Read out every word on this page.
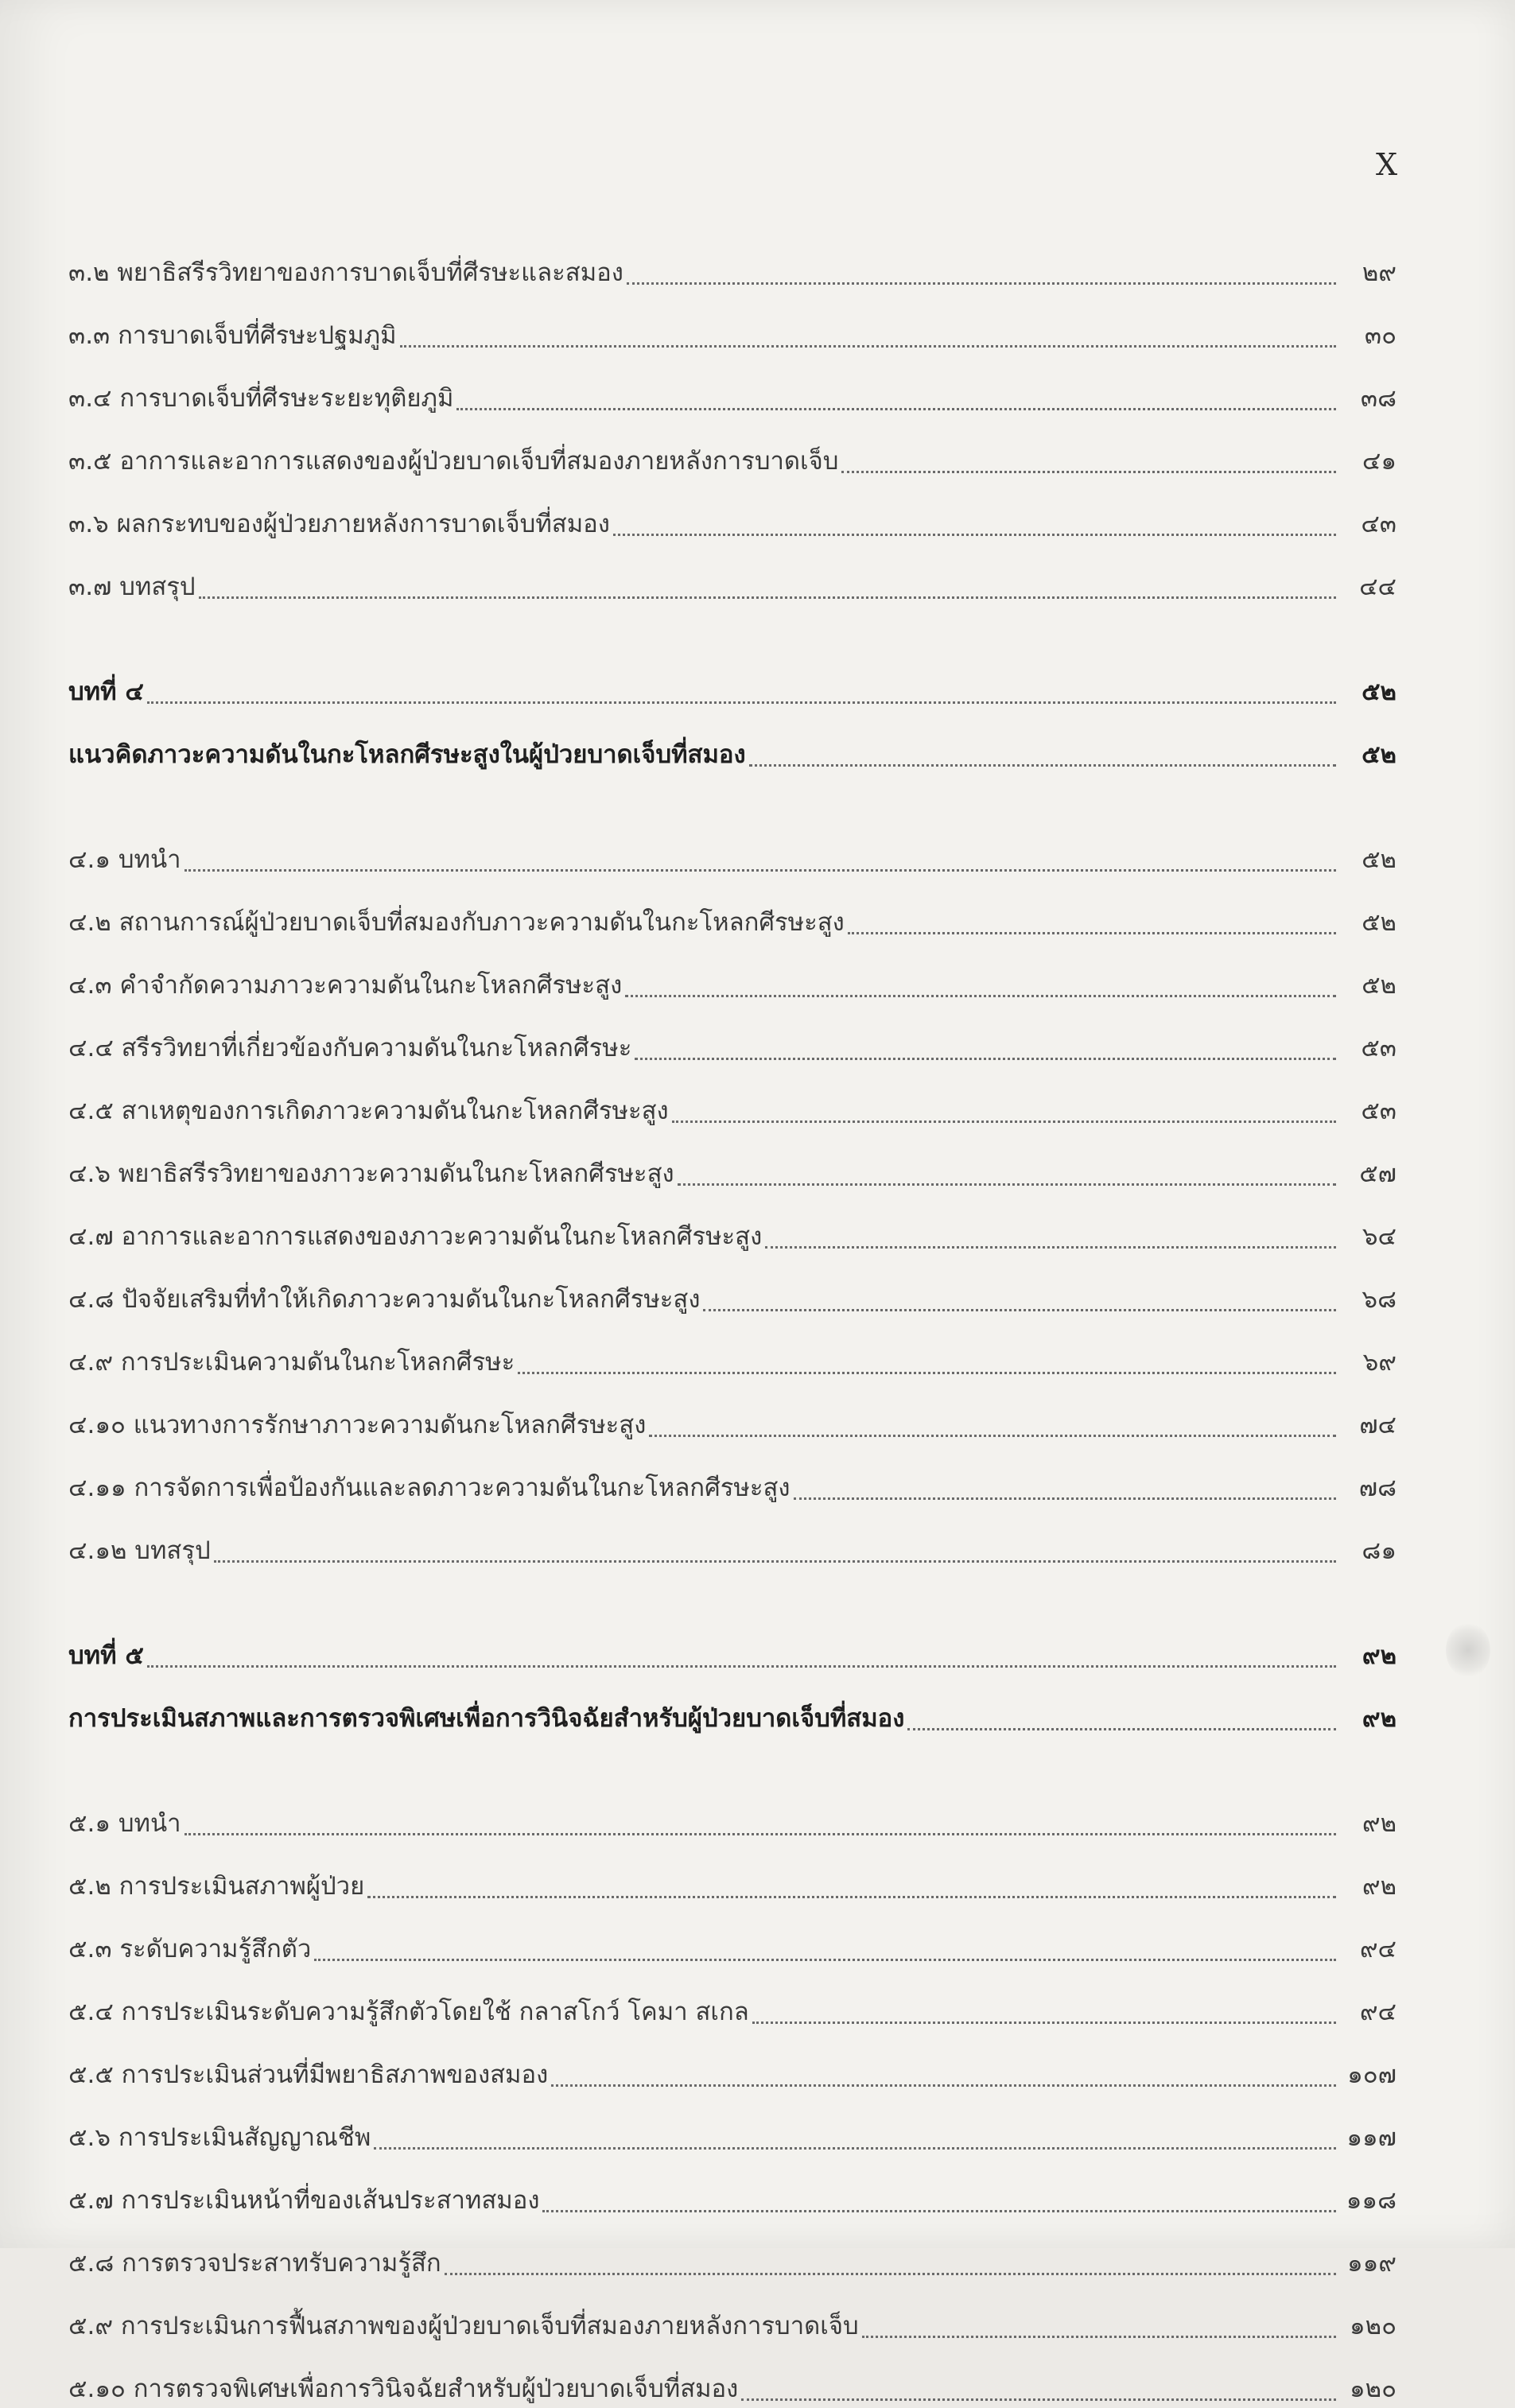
X
๓.๒ พยาธิสรีรวิทยาของการบาดเจ็บที่ศีรษะและสมอง	๒๙
๓.๓ การบาดเจ็บที่ศีรษะปฐมภูมิ	๓๐
๓.๔ การบาดเจ็บที่ศีรษะระยะทุติยภูมิ	๓๘
๓.๕ อาการและอาการแสดงของผู้ป่วยบาดเจ็บที่สมองภายหลังการบาดเจ็บ	๔๑
๓.๖ ผลกระทบของผู้ป่วยภายหลังการบาดเจ็บที่สมอง	๔๓
๓.๗ บทสรุป	๔๔
บทที่ ๔	๕๒
แนวคิดภาวะความดันในกะโหลกศีรษะสูงในผู้ป่วยบาดเจ็บที่สมอง	๕๒
๔.๑ บทนำ	๕๒
๔.๒ สถานการณ์ผู้ป่วยบาดเจ็บที่สมองกับภาวะความดันในกะโหลกศีรษะสูง	๕๒
๔.๓ คำจำกัดความภาวะความดันในกะโหลกศีรษะสูง	๕๒
๔.๔ สรีรวิทยาที่เกี่ยวข้องกับความดันในกะโหลกศีรษะ	๕๓
๔.๕ สาเหตุของการเกิดภาวะความดันในกะโหลกศีรษะสูง	๕๓
๔.๖ พยาธิสรีรวิทยาของภาวะความดันในกะโหลกศีรษะสูง	๕๗
๔.๗ อาการและอาการแสดงของภาวะความดันในกะโหลกศีรษะสูง	๖๔
๔.๘ ปัจจัยเสริมที่ทำให้เกิดภาวะความดันในกะโหลกศีรษะสูง	๖๘
๔.๙ การประเมินความดันในกะโหลกศีรษะ	๖๙
๔.๑๐ แนวทางการรักษาภาวะความดันกะโหลกศีรษะสูง	๗๔
๔.๑๑ การจัดการเพื่อป้องกันและลดภาวะความดันในกะโหลกศีรษะสูง	๗๘
๔.๑๒ บทสรุป	๘๑
บทที่ ๕	๙๒
การประเมินสภาพและการตรวจพิเศษเพื่อการวินิจฉัยสำหรับผู้ป่วยบาดเจ็บที่สมอง	๙๒
๕.๑ บทนำ	๙๒
๕.๒ การประเมินสภาพผู้ป่วย	๙๒
๕.๓ ระดับความรู้สึกตัว	๙๔
๕.๔ การประเมินระดับความรู้สึกตัวโดยใช้ กลาสโกว์ โคมา สเกล	๙๔
๕.๕ การประเมินส่วนที่มีพยาธิสภาพของสมอง	๑๐๗
๕.๖ การประเมินสัญญาณชีพ	๑๑๗
๕.๗ การประเมินหน้าที่ของเส้นประสาทสมอง	๑๑๘
๕.๘ การตรวจประสาทรับความรู้สึก	๑๑๙
๕.๙ การประเมินการฟื้นสภาพของผู้ป่วยบาดเจ็บที่สมองภายหลังการบาดเจ็บ	๑๒๐
๕.๑๐ การตรวจพิเศษเพื่อการวินิจฉัยสำหรับผู้ป่วยบาดเจ็บที่สมอง	๑๒๐
